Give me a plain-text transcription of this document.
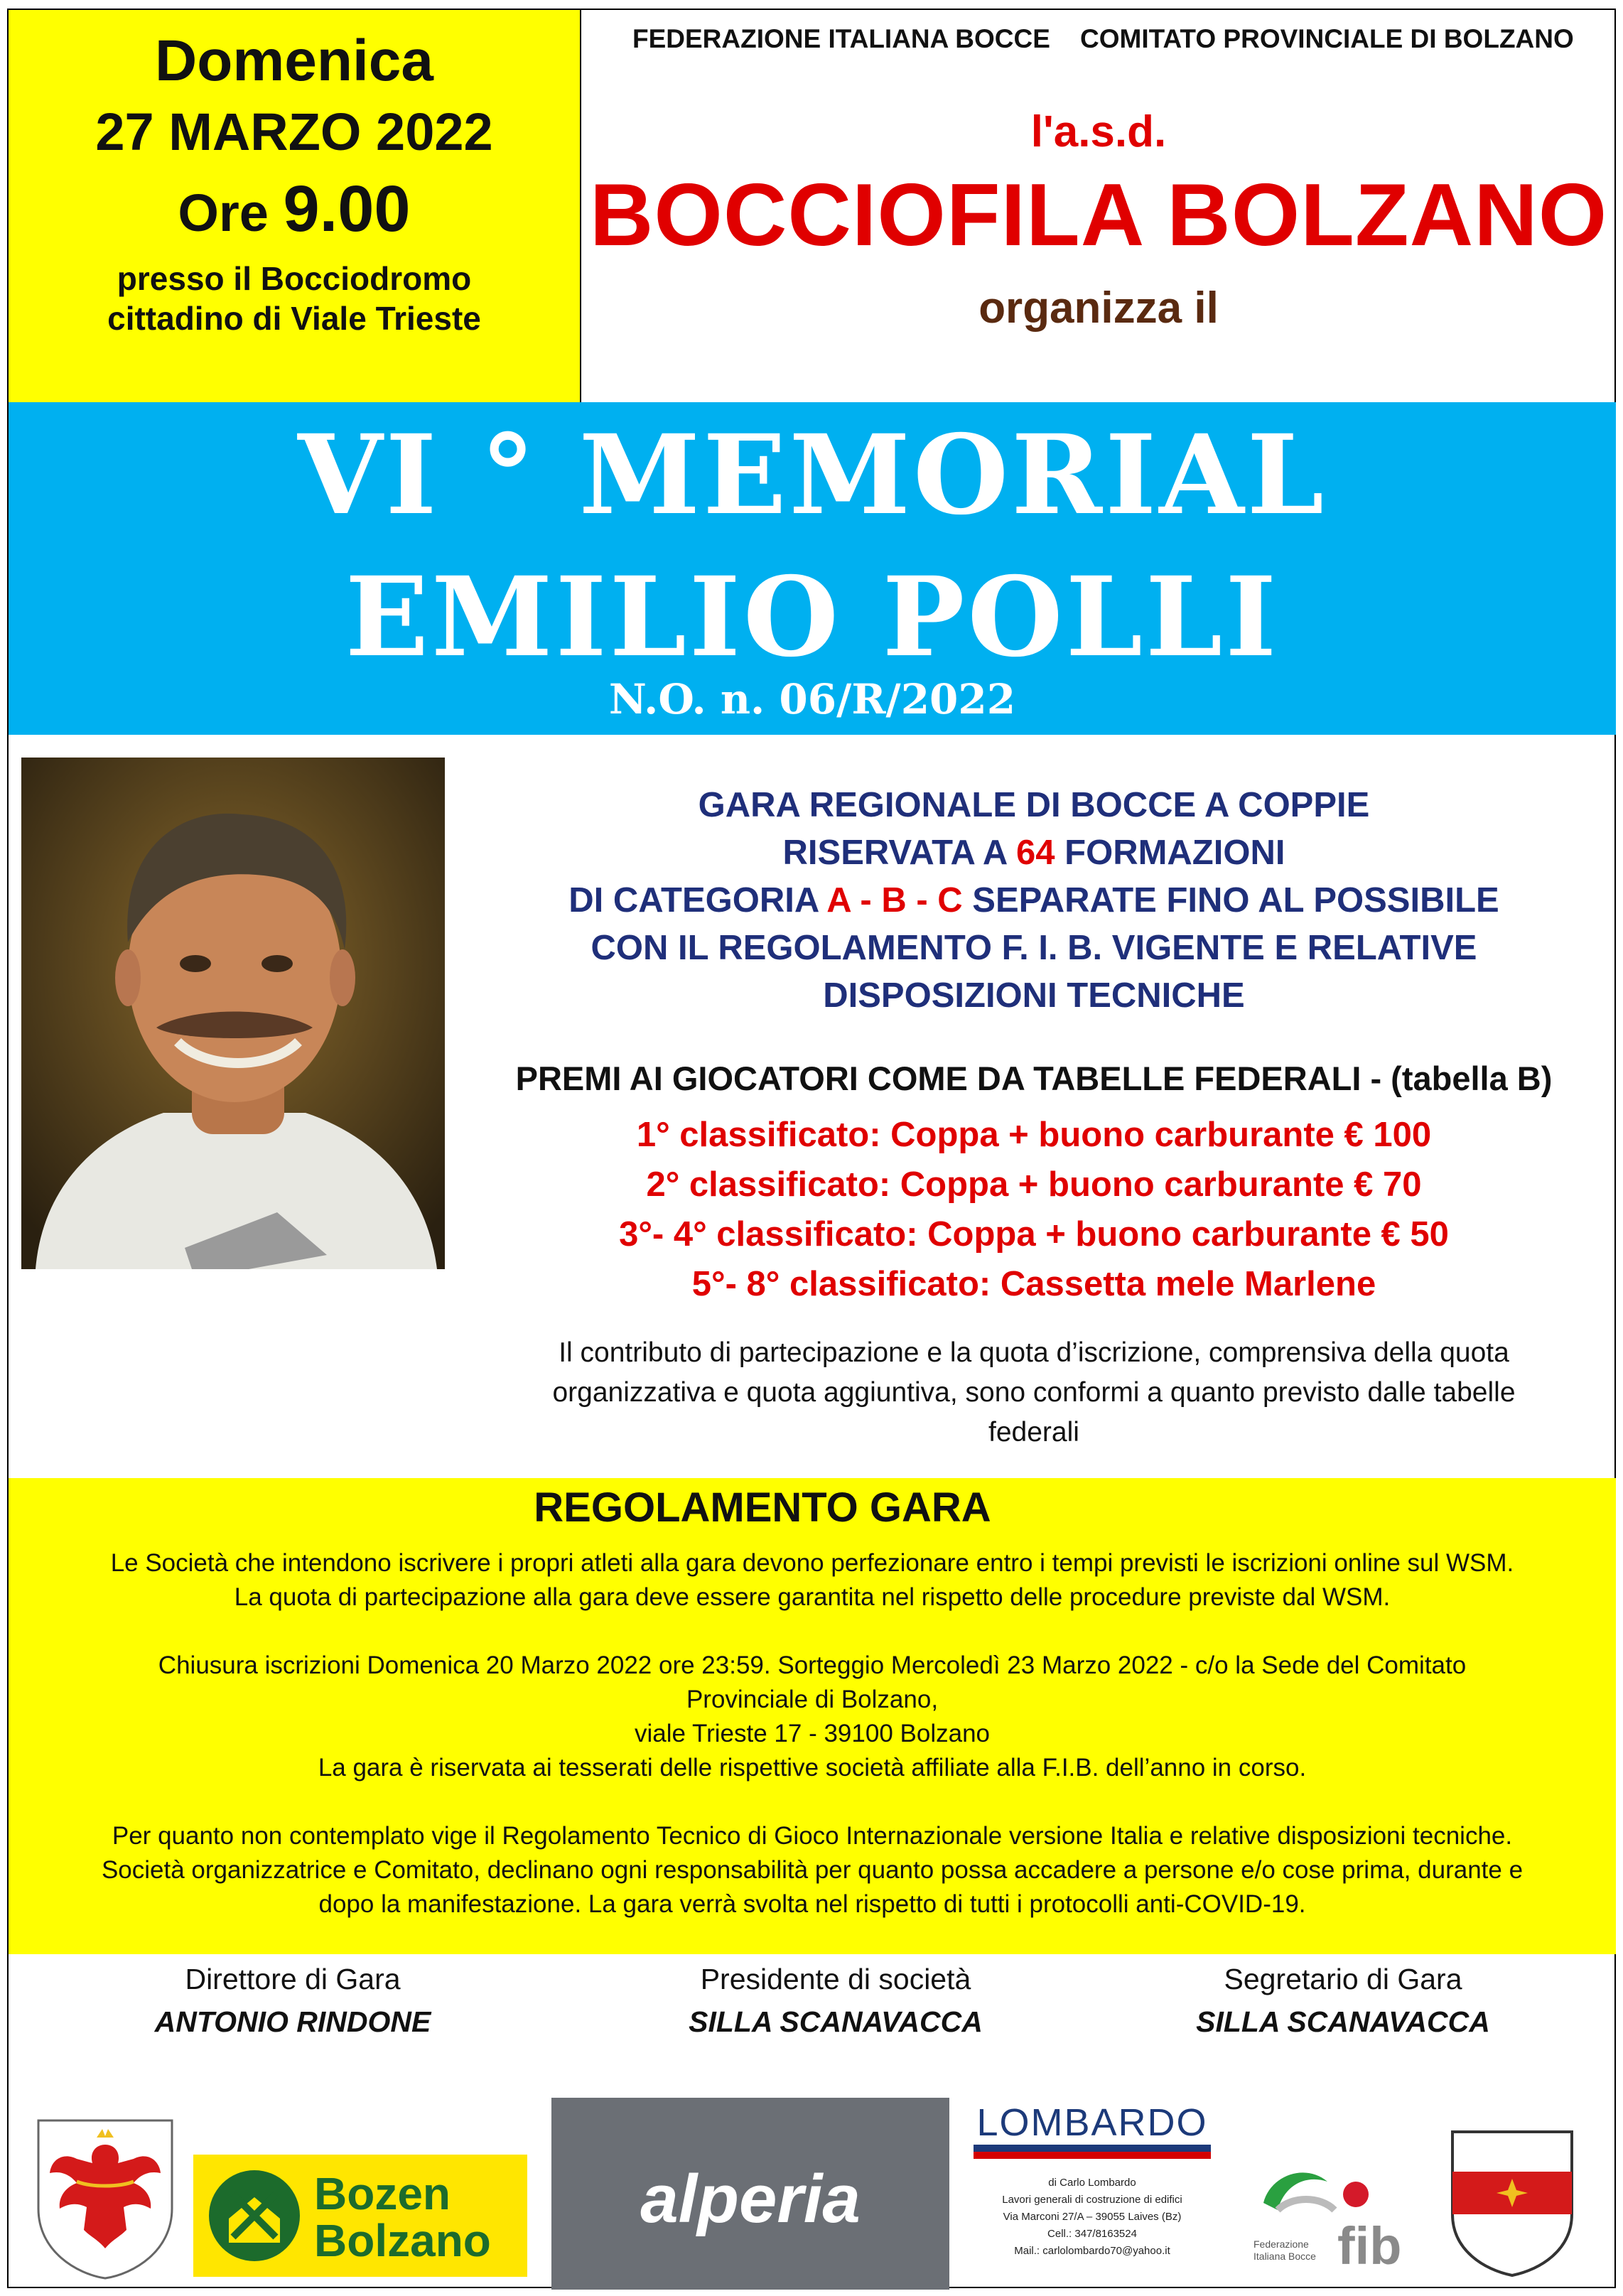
Domenica
27 MARZO 2022
Ore 9.00
presso il Bocciodromo
cittadino di Viale Trieste
FEDERAZIONE ITALIANA BOCCE COMITATO PROVINCIALE DI BOLZANO
l'a.s.d.
BOCCIOFILA BOLZANO
organizza il
VI ° MEMORIAL
EMILIO POLLI
N.O. n. 06/R/2022
GARA REGIONALE DI BOCCE A COPPIE
RISERVATA A 64 FORMAZIONI
DI CATEGORIA A - B - C SEPARATE FINO AL POSSIBILE
CON IL REGOLAMENTO F. I. B. VIGENTE E RELATIVE
DISPOSIZIONI TECNICHE
PREMI AI GIOCATORI COME DA TABELLE FEDERALI - (tabella B)
1° classificato: Coppa + buono carburante € 100
2° classificato: Coppa + buono carburante € 70
3°- 4° classificato: Coppa + buono carburante € 50
5°- 8° classificato: Cassetta mele Marlene
Il contributo di partecipazione e la quota d’iscrizione, comprensiva della quota
organizzativa e quota aggiuntiva, sono conformi a quanto previsto dalle tabelle
federali
REGOLAMENTO GARA

Le Società che intendono iscrivere i propri atleti alla gara devono perfezionare entro i tempi previsti le iscrizioni online sul WSM.
La quota di partecipazione alla gara deve essere garantita nel rispetto delle procedure previste dal WSM.

Chiusura iscrizioni Domenica 20 Marzo 2022 ore 23:59. Sorteggio Mercoledì 23 Marzo 2022 - c/o la Sede del Comitato
Provinciale di Bolzano,
viale Trieste 17 - 39100 Bolzano
La gara è riservata ai tesserati delle rispettive società affiliate alla F.I.B. dell’anno in corso.

Per quanto non contemplato vige il Regolamento Tecnico di Gioco Internazionale versione Italia e relative disposizioni tecniche.
Società organizzatrice e Comitato, declinano ogni responsabilità per quanto possa accadere a persone e/o cose prima, durante e
dopo la manifestazione. La gara verrà svolta nel rispetto di tutti i protocolli anti-COVID-19.

Direttore di Gara
ANTONIO RINDONE
Presidente di società
SILLA SCANAVACCA
Segretario di Gara
SILLA SCANAVACCA
Bozen
Bolzano
alperia
LOMBARDO
di Carlo Lombardo
Lavori generali di costruzione di edifici
Via Marconi 27/A – 39055 Laives (Bz)
Cell.: 347/8163524
Mail.: carlolombardo70@yahoo.it	fib
Federazione
Italiana Bocce
